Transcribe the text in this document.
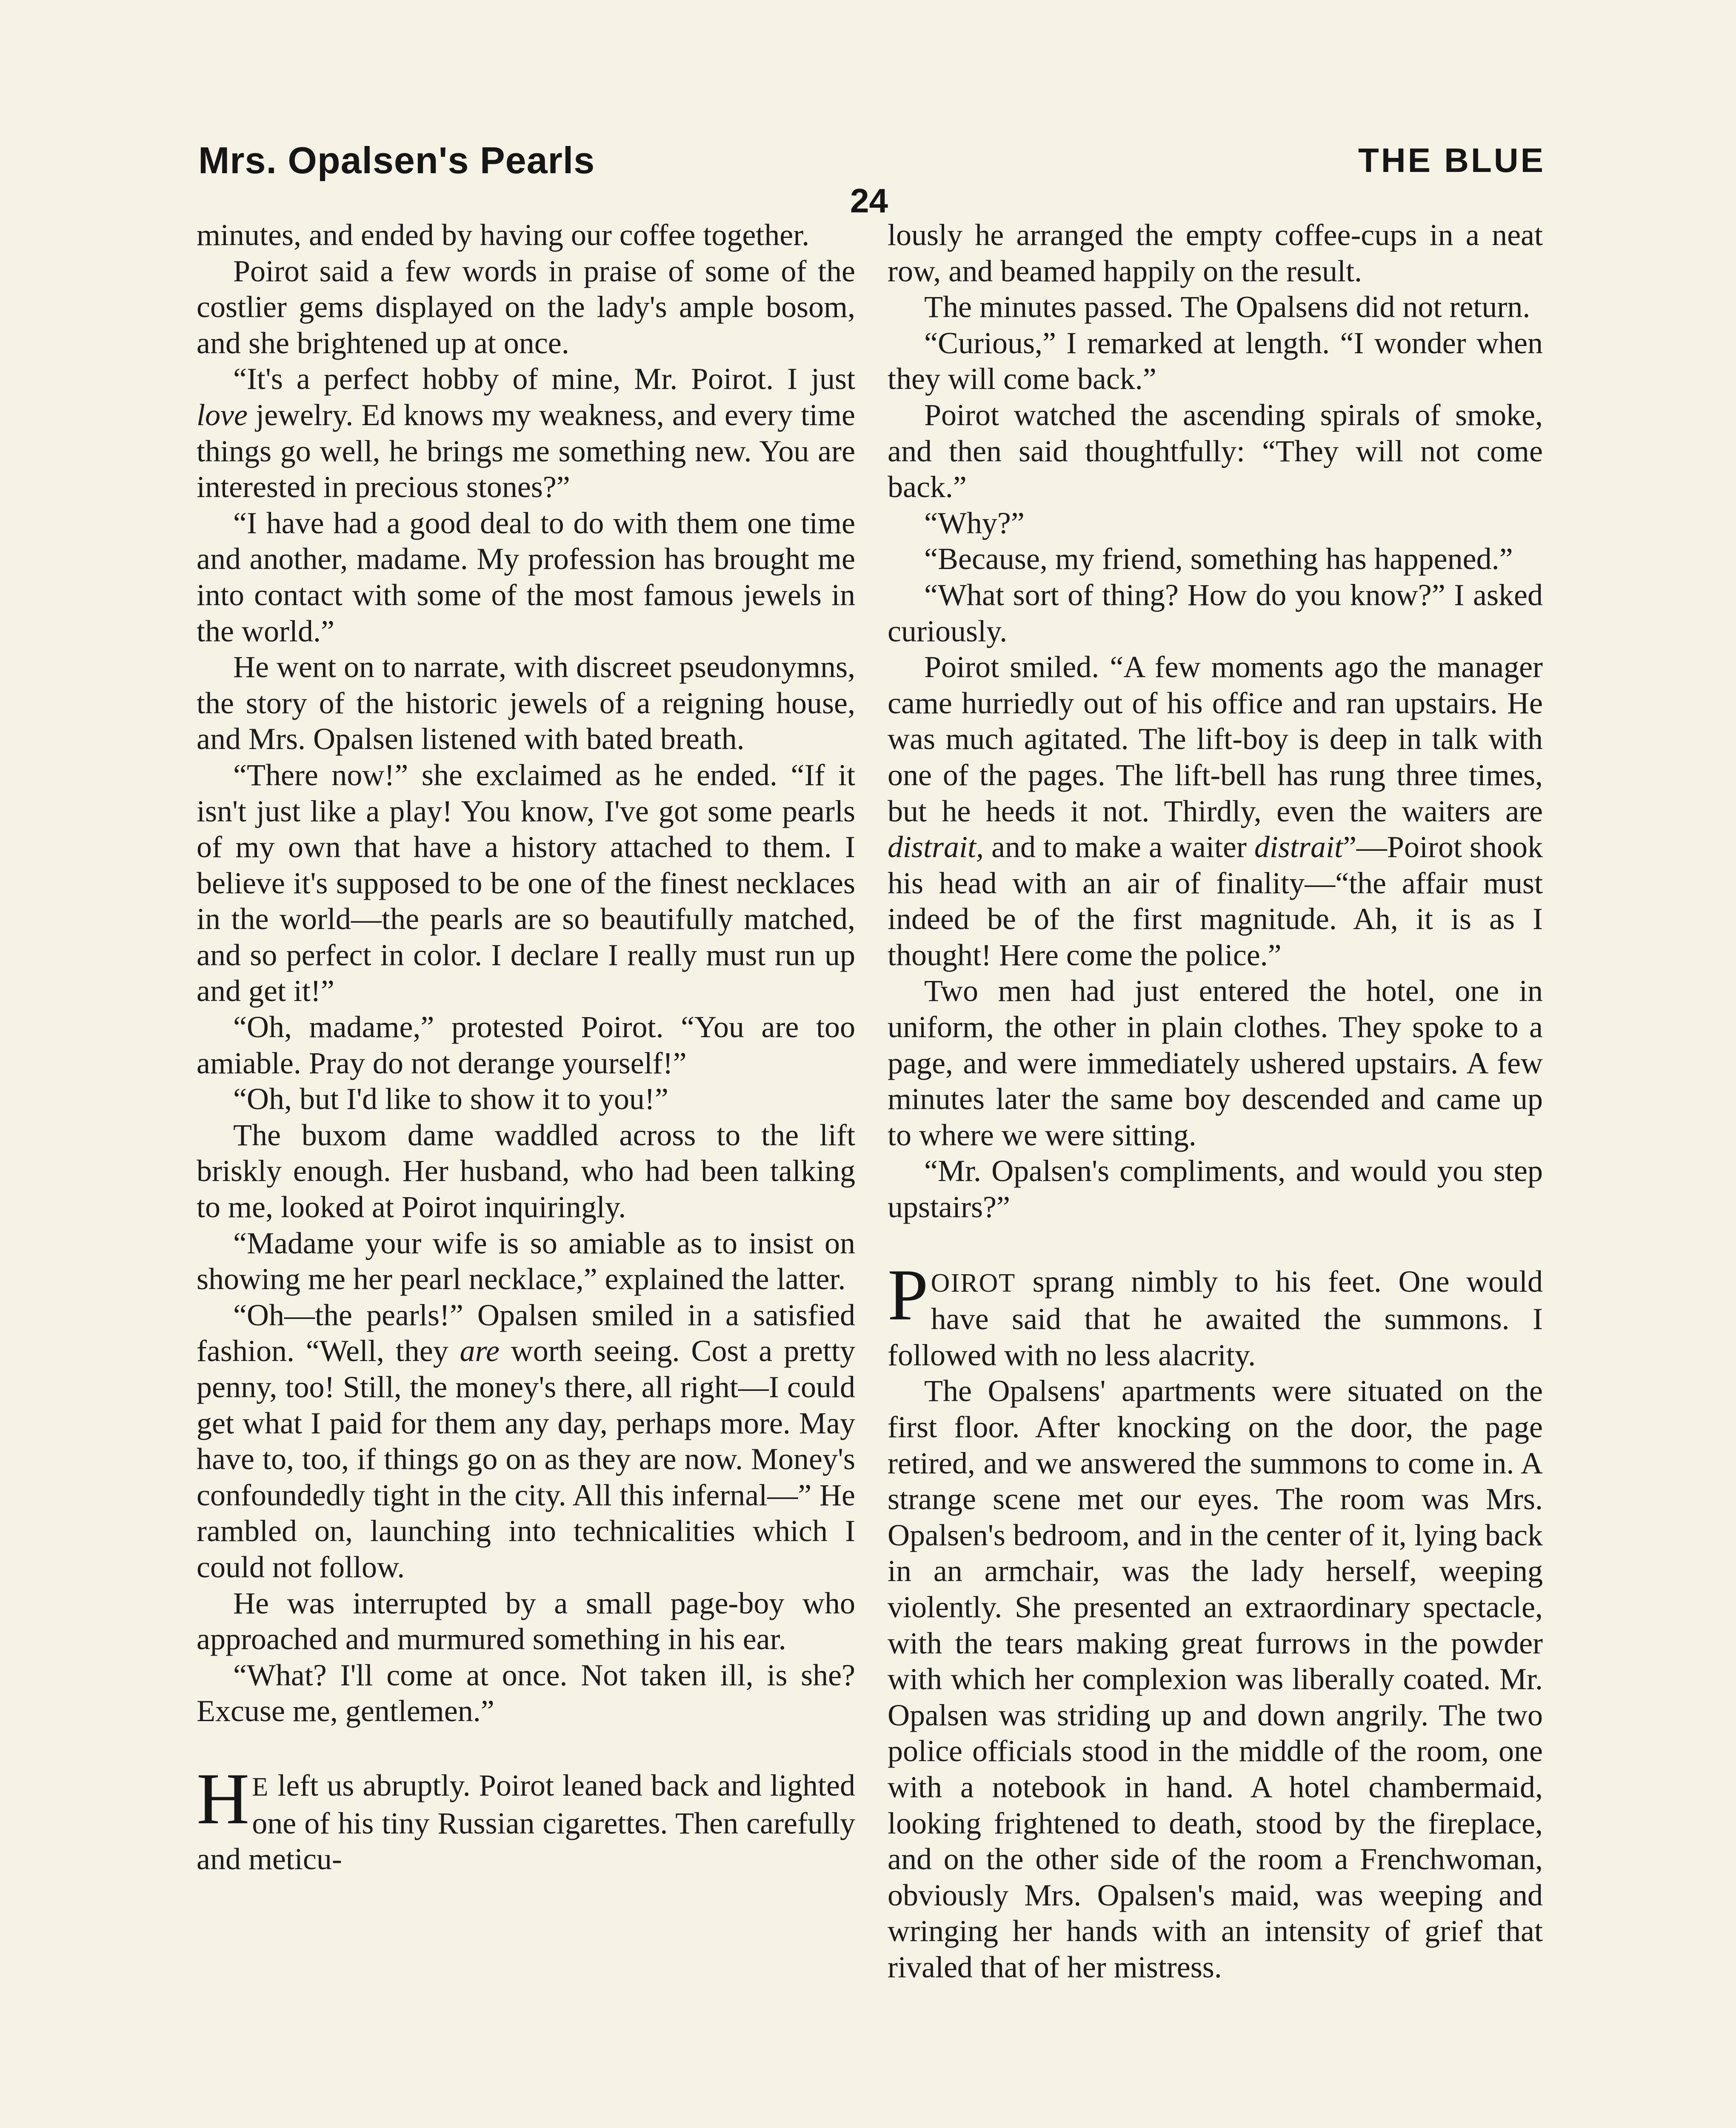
Mrs. Opalsen's Pearls	THE BLUE
24

minutes, and ended by having our coffee together.

Poirot said a few words in praise of some of the costlier gems displayed on the lady's ample bosom, and she brightened up at once.

“It's a perfect hobby of mine, Mr. Poirot. I just love jewelry. Ed knows my weakness, and every time things go well, he brings me something new. You are interested in precious stones?”

“I have had a good deal to do with them one time and another, madame. My profession has brought me into contact with some of the most famous jewels in the world.”

He went on to narrate, with discreet pseudonymns, the story of the historic jewels of a reigning house, and Mrs. Opalsen listened with bated breath.

“There now!” she exclaimed as he ended. “If it isn't just like a play! You know, I've got some pearls of my own that have a history attached to them. I believe it's supposed to be one of the finest necklaces in the world—the pearls are so beautifully matched, and so perfect in color. I declare I really must run up and get it!”

“Oh, madame,” protested Poirot. “You are too amiable. Pray do not derange yourself!”

“Oh, but I'd like to show it to you!”

The buxom dame waddled across to the lift briskly enough. Her husband, who had been talking to me, looked at Poirot inquiringly.

“Madame your wife is so amiable as to insist on showing me her pearl necklace,” explained the latter.

“Oh—the pearls!” Opalsen smiled in a satisfied fashion. “Well, they are worth seeing. Cost a pretty penny, too! Still, the money's there, all right—I could get what I paid for them any day, perhaps more. May have to, too, if things go on as they are now. Money's confoundedly tight in the city. All this infernal—” He rambled on, launching into technicalities which I could not follow.

He was interrupted by a small page-boy who approached and murmured something in his ear.

“What? I'll come at once. Not taken ill, is she? Excuse me, gentlemen.”

H E left us abruptly. Poirot leaned back and lighted one of his tiny Russian cigarettes. Then carefully and meticu-

lously he arranged the empty coffee-cups in a neat row, and beamed happily on the result.

The minutes passed. The Opalsens did not return.

“Curious,” I remarked at length. “I wonder when they will come back.”

Poirot watched the ascending spirals of smoke, and then said thoughtfully: “They will not come back.”

“Why?”

“Because, my friend, something has happened.”

“What sort of thing? How do you know?” I asked curiously.

Poirot smiled. “A few moments ago the manager came hurriedly out of his office and ran upstairs. He was much agitated. The lift-boy is deep in talk with one of the pages. The lift-bell has rung three times, but he heeds it not. Thirdly, even the waiters are distrait, and to make a waiter distrait”—Poirot shook his head with an air of finality—“the affair must indeed be of the first magnitude. Ah, it is as I thought! Here come the police.”

Two men had just entered the hotel, one in uniform, the other in plain clothes. They spoke to a page, and were immediately ushered upstairs. A few minutes later the same boy descended and came up to where we were sitting.

“Mr. Opalsen's compliments, and would you step upstairs?”

POIROT sprang nimbly to his feet. One would have said that he awaited the summons. I followed with no less alacrity.

The Opalsens' apartments were situated on the first floor. After knocking on the door, the page retired, and we answered the summons to come in. A strange scene met our eyes. The room was Mrs. Opalsen's bedroom, and in the center of it, lying back in an armchair, was the lady herself, weeping violently. She presented an extraordinary spectacle, with the tears making great furrows in the powder with which her complexion was liberally coated. Mr. Opalsen was striding up and down angrily. The two police officials stood in the middle of the room, one with a notebook in hand. A hotel chambermaid, looking frightened to death, stood by the fireplace, and on the other side of the room a Frenchwoman, obviously Mrs. Opalsen's maid, was weeping and wringing her hands with an intensity of grief that rivaled that of her mistress.
